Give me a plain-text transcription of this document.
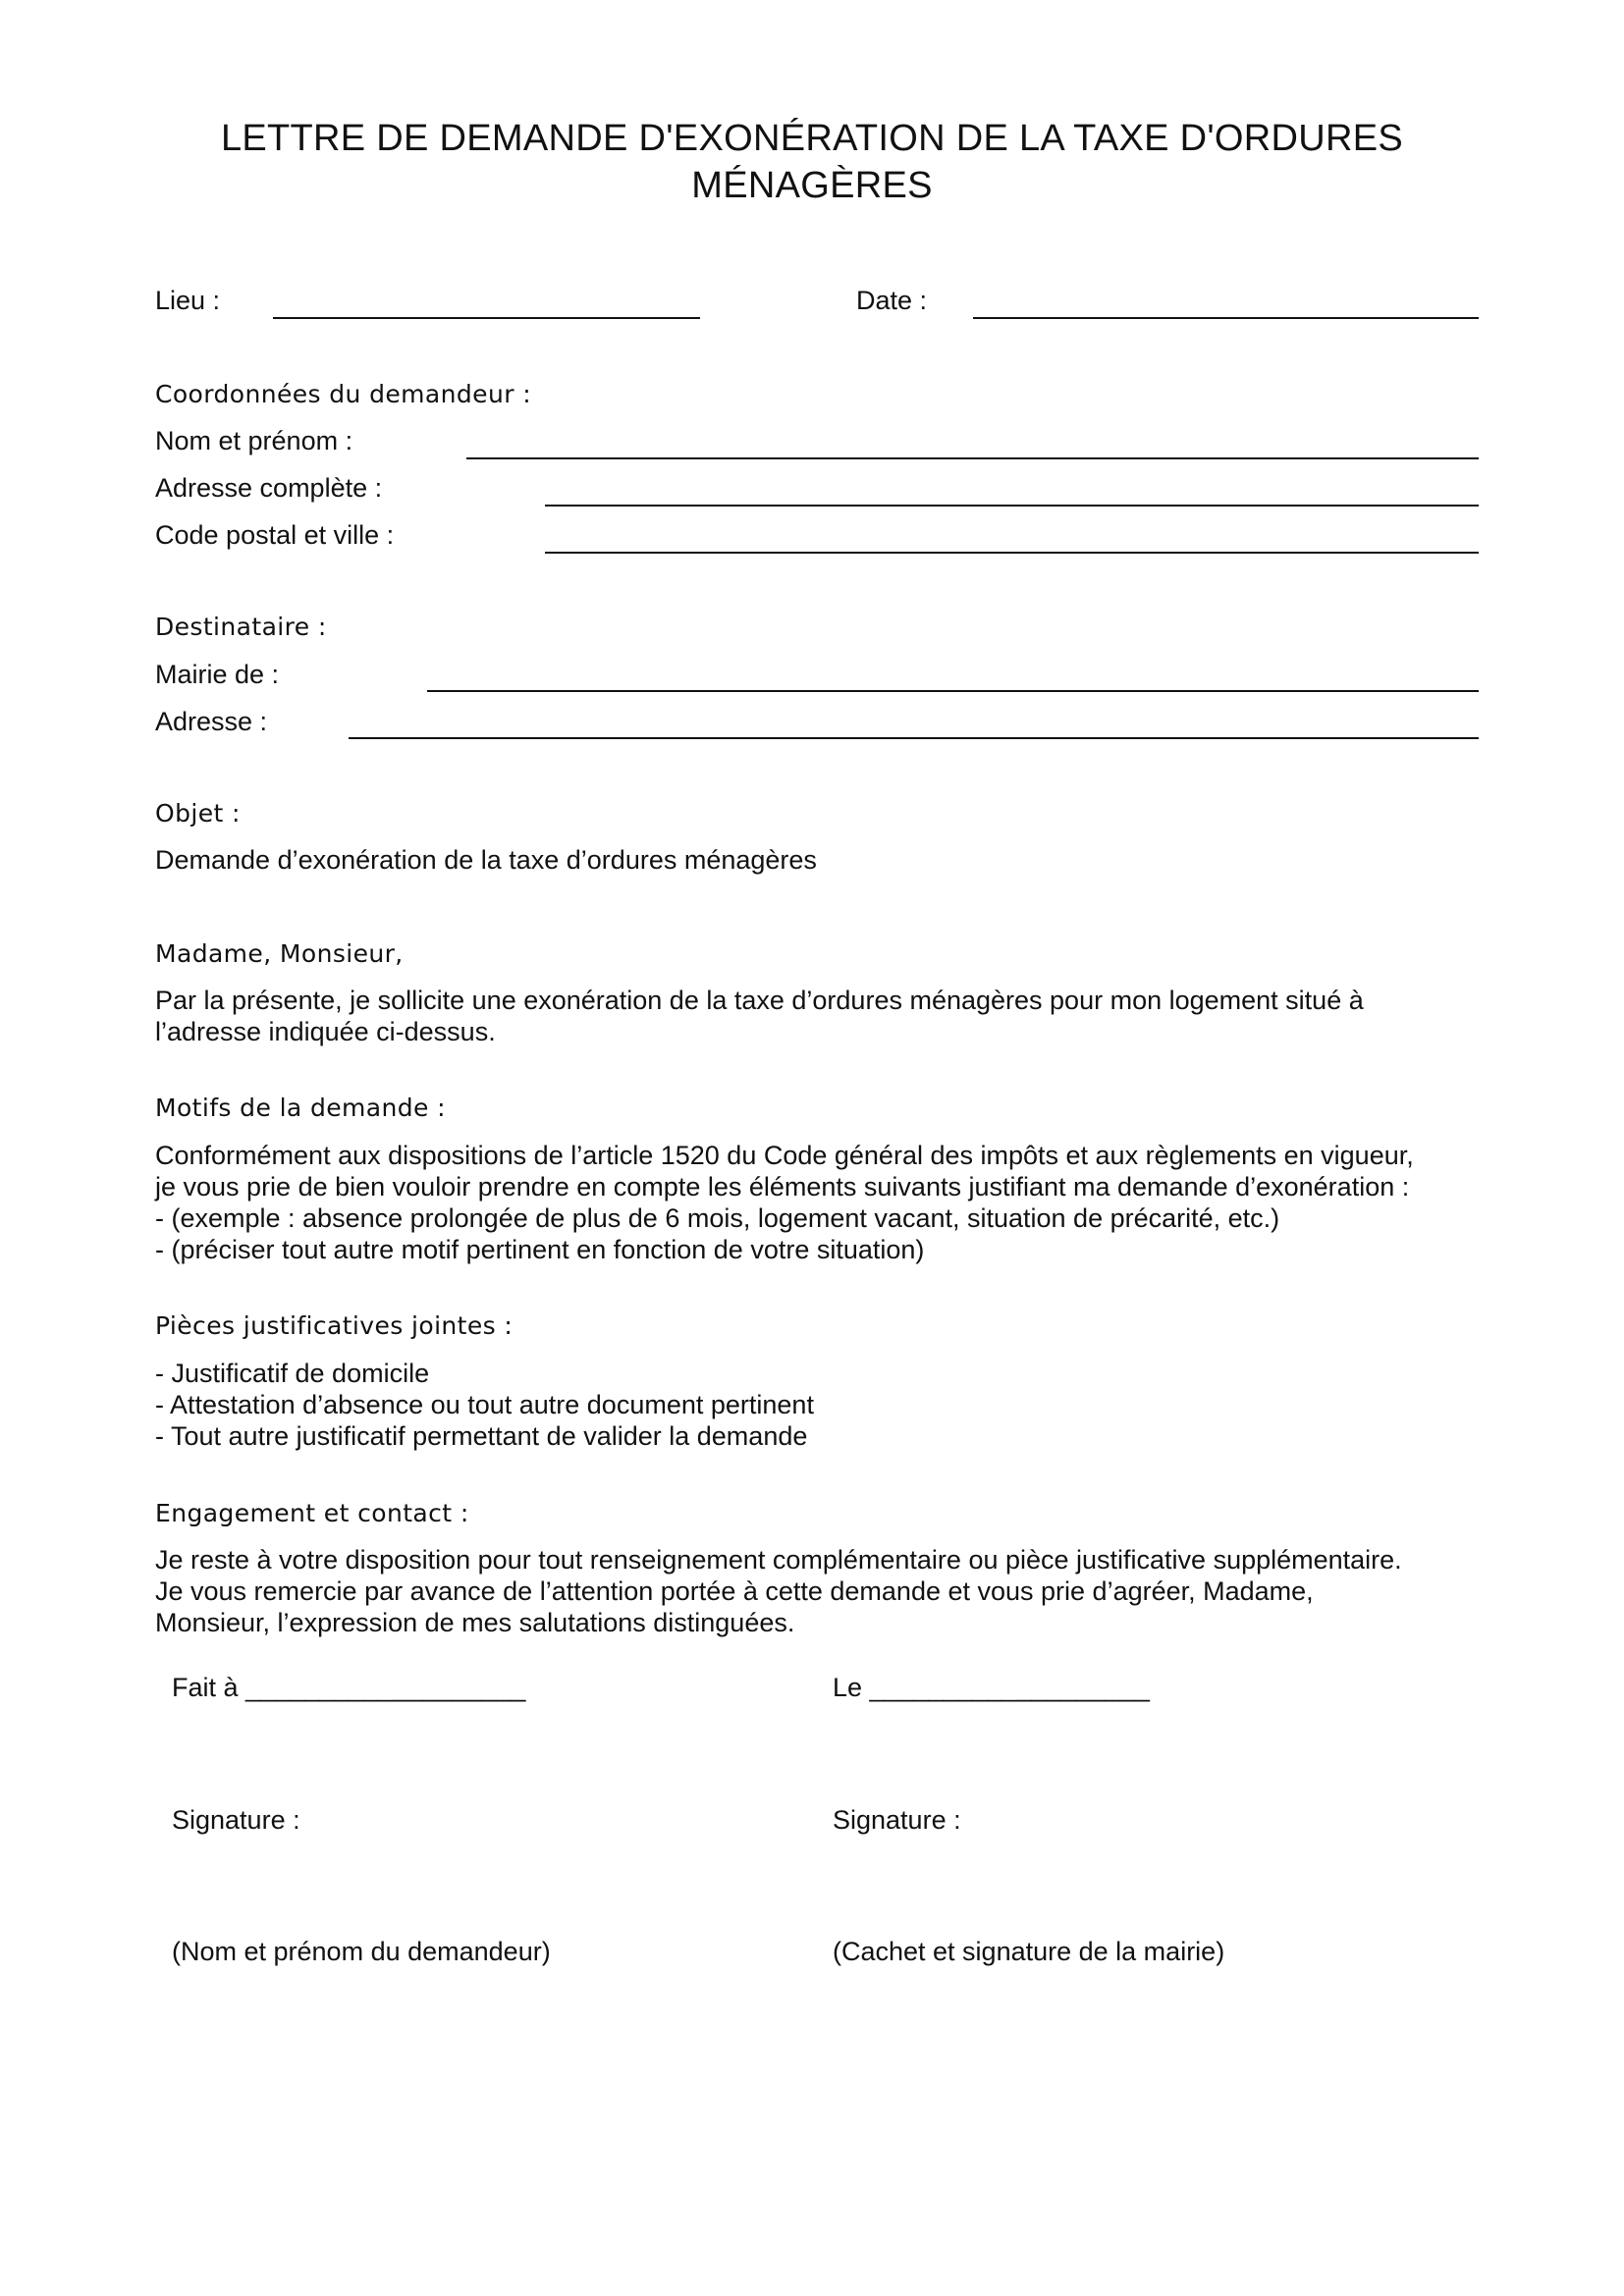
LETTRE DE DEMANDE D'EXONÉRATION DE LA TAXE D'ORDURES
MÉNAGÈRES
Lieu :	Date :
Coordonnées du demandeur :
Nom et prénom :
Adresse complète :
Code postal et ville :
Destinataire :
Mairie de :
Adresse :
Objet :
Demande d’exonération de la taxe d’ordures ménagères
Madame, Monsieur,
Par la présente, je sollicite une exonération de la taxe d’ordures ménagères pour mon logement situé à
l’adresse indiquée ci-dessus.
Motifs de la demande :
Conformément aux dispositions de l’article 1520 du Code général des impôts et aux règlements en vigueur,
je vous prie de bien vouloir prendre en compte les éléments suivants justifiant ma demande d’exonération :
- (exemple : absence prolongée de plus de 6 mois, logement vacant, situation de précarité, etc.)
- (préciser tout autre motif pertinent en fonction de votre situation)
Pièces justificatives jointes :
- Justificatif de domicile
- Attestation d’absence ou tout autre document pertinent
- Tout autre justificatif permettant de valider la demande
Engagement et contact :
Je reste à votre disposition pour tout renseignement complémentaire ou pièce justificative supplémentaire.
Je vous remercie par avance de l’attention portée à cette demande et vous prie d’agréer, Madame,
Monsieur, l’expression de mes salutations distinguées.
Fait à ___________________	Le ___________________
Signature :	Signature :
(Nom et prénom du demandeur)	(Cachet et signature de la mairie)
